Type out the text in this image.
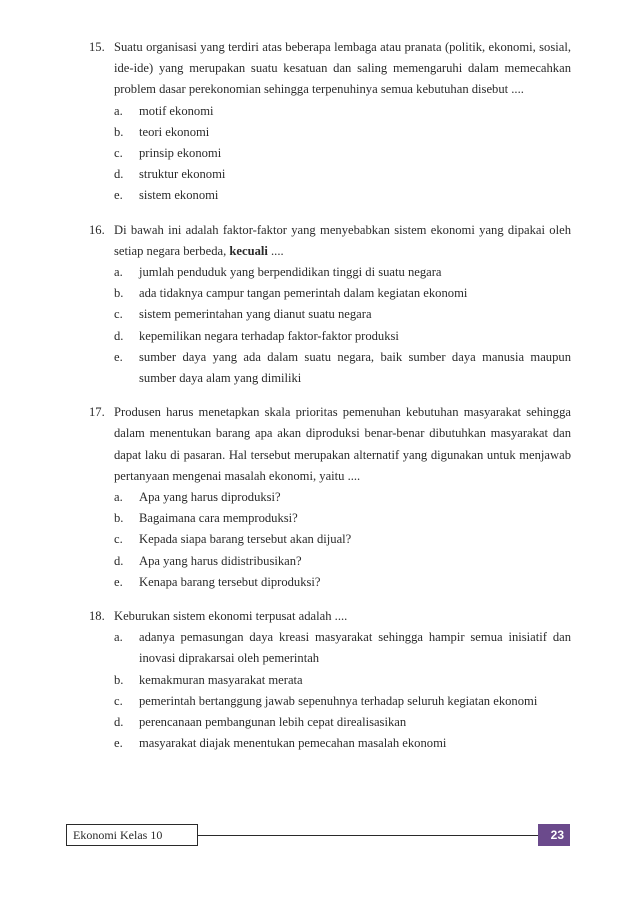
15. Suatu organisasi yang terdiri atas beberapa lembaga atau pranata (politik, ekonomi, sosial, ide-ide) yang merupakan suatu kesatuan dan saling memengaruhi dalam memecahkan problem dasar perekonomian sehingga terpenuhinya semua kebutuhan disebut ....
a. motif ekonomi
b. teori ekonomi
c. prinsip ekonomi
d. struktur ekonomi
e. sistem ekonomi
16. Di bawah ini adalah faktor-faktor yang menyebabkan sistem ekonomi yang dipakai oleh setiap negara berbeda, kecuali ....
a. jumlah penduduk yang berpendidikan tinggi di suatu negara
b. ada tidaknya campur tangan pemerintah dalam kegiatan ekonomi
c. sistem pemerintahan yang dianut suatu negara
d. kepemilikan negara terhadap faktor-faktor produksi
e. sumber daya yang ada dalam suatu negara, baik sumber daya manusia maupun sumber daya alam yang dimiliki
17. Produsen harus menetapkan skala prioritas pemenuhan kebutuhan masyarakat sehingga dalam menentukan barang apa akan diproduksi benar-benar dibutuhkan masyarakat dan dapat laku di pasaran. Hal tersebut merupakan alternatif yang digunakan untuk menjawab pertanyaan mengenai masalah ekonomi, yaitu ....
a. Apa yang harus diproduksi?
b. Bagaimana cara memproduksi?
c. Kepada siapa barang tersebut akan dijual?
d. Apa yang harus didistribusikan?
e. Kenapa barang tersebut diproduksi?
18. Keburukan sistem ekonomi terpusat adalah ....
a. adanya pemasungan daya kreasi masyarakat sehingga hampir semua inisiatif dan inovasi diprakarsai oleh pemerintah
b. kemakmuran masyarakat merata
c. pemerintah bertanggung jawab sepenuhnya terhadap seluruh kegiatan ekonomi
d. perencanaan pembangunan lebih cepat direalisasikan
e. masyarakat diajak menentukan pemecahan masalah ekonomi
Ekonomi Kelas 10	23
